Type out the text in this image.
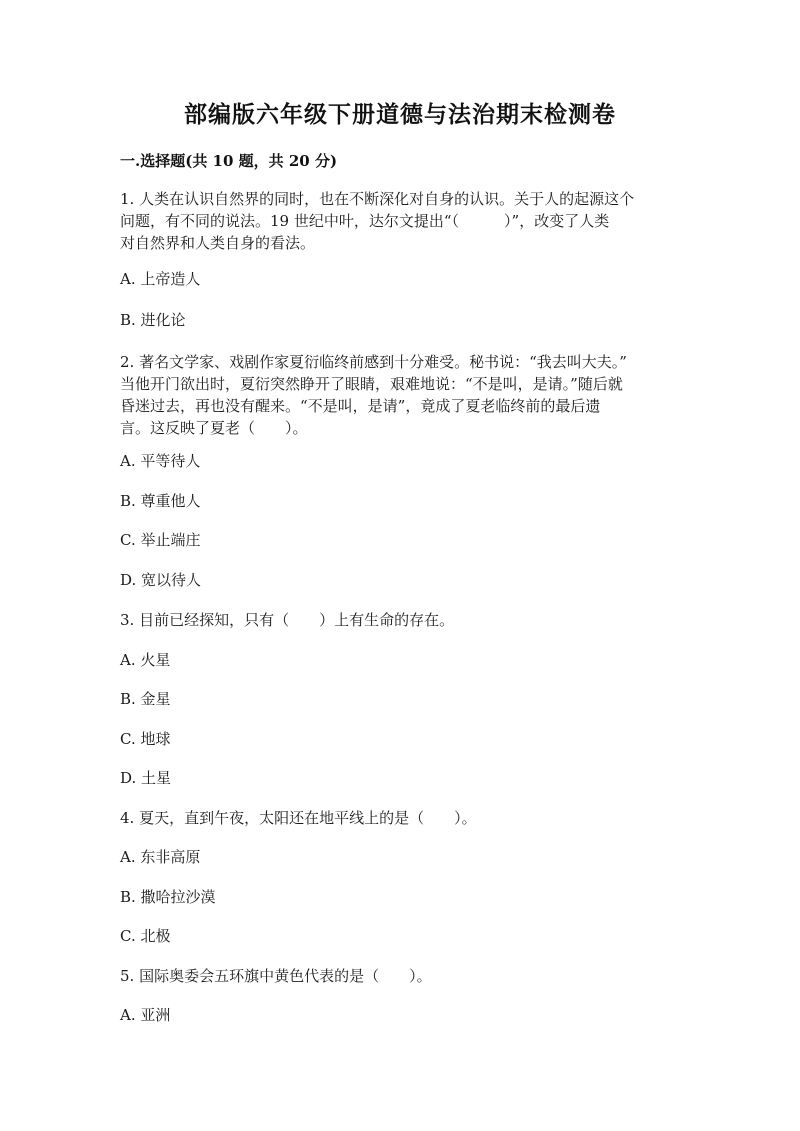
部编版六年级下册道德与法治期末检测卷
一.选择题(共 10 题，共 20 分)
1. 人类在认识自然界的同时，也在不断深化对自身的认识。关于人的起源这个
问题，有不同的说法。19 世纪中叶，达尔文提出“（　　　）”，改变了人类
对自然界和人类自身的看法。
A. 上帝造人
B. 进化论
2. 著名文学家、戏剧作家夏衍临终前感到十分难受。秘书说：“我去叫大夫。”
当他开门欲出时，夏衍突然睁开了眼睛，艰难地说：“不是叫，是请。”随后就
昏迷过去，再也没有醒来。“不是叫，是请”，竟成了夏老临终前的最后遗
言。这反映了夏老（　　）。
A. 平等待人
B. 尊重他人
C. 举止端庄
D. 宽以待人
3. 目前已经探知，只有（　　）上有生命的存在。
A. 火星
B. 金星
C. 地球
D. 土星
4. 夏天，直到午夜，太阳还在地平线上的是（　　）。
A. 东非高原
B. 撒哈拉沙漠
C. 北极
5. 国际奥委会五环旗中黄色代表的是（　　）。
A. 亚洲
